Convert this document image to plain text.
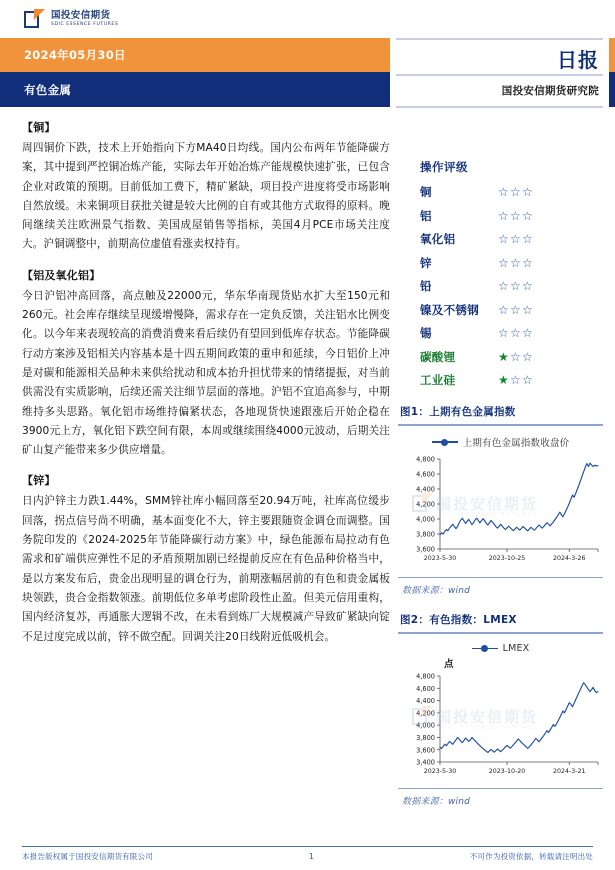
国投安信期货
SDIC ESSENCE FUTURES
2024年05月30日
有色金属
日报
国投安信期货研究院
【铜】
周四铜价下跌，技术上开始指向下方MA40日均线。国内公布两年节能降碳方案，其中提到严控铜冶炼产能，实际去年开始冶炼产能规模快速扩张，已包含企业对政策的预期。目前低加工费下，精矿紧缺，项目投产进度将受市场影响自然放缓。未来铜项目获批关键是较大比例的自有或其他方式取得的原料。晚间继续关注欧洲景气指数、美国成屋销售等指标，美国4月PCE市场关注度大。沪铜调整中，前期高位虚值看涨卖权持有。
【铝及氧化铝】
今日沪铝冲高回落，高点触及22000元，华东华南现货贴水扩大至150元和260元。社会库存继续呈现缓增慢降，需求存在一定负反馈，关注铝水比例变化。以今年来表现较高的消费消费来看后续仍有望回到低库存状态。节能降碳行动方案涉及铝相关内容基本是十四五期间政策的重申和延续，今日铝价上冲是对碳和能源相关品种未来供给扰动和成本抬升担忧带来的情绪提振，对当前供需没有实质影响，后续还需关注细节层面的落地。沪铝不宜追高参与，中期维持多头思路。氧化铝市场维持偏紧状态，各地现货快速跟涨后开始企稳在3900元上方，氧化铝下跌空间有限，本周或继续围绕4000元波动，后期关注矿山复产能带来多少供应增量。
【锌】
日内沪锌主力跌1.44%，SMM锌社库小幅回落至20.94万吨，社库高位缓步回落，拐点信号尚不明确，基本面变化不大，锌主要跟随资金调仓而调整。国务院印发的《2024-2025年节能降碳行动方案》中，绿色能源布局拉动有色需求和矿端供应弹性不足的矛盾预期加剧已经提前反应在有色品种价格当中，是以方案发布后，贵金出现明显的调仓行为，前期涨幅居前的有色和贵金属板块领跌，贵合金指数领涨。前期低位多单考虑阶段性止盈。但美元信用重构，国内经济复苏，再通胀大逻辑不改，在未看到炼厂大规模减产导致矿紧缺向锭不足过度完成以前，锌不做空配。回调关注20日线附近低吸机会。
操作评级
铜	☆☆☆
铝	☆☆☆
氧化铝	☆☆☆
锌	☆☆☆
铅	☆☆☆
镍及不锈钢	☆☆☆
锡	☆☆☆
碳酸锂	★☆☆
工业硅	★☆☆
图1：上期有色金属指数
上期有色金属指数收盘价
国投安信期货
SDIC ESSENCE FUTURES
3,600
3,800
4,000
4,200
4,400
4,600
4,800
2023-5-30	2023-10-25	2024-3-26
数据来源：wind
图2：有色指数：LMEX
LMEX
点
国投安信期货
SDIC ESSENCE FUTURES
3,400
3,600
3,800
4,000
4,200
4,400
4,600
4,800
2023-5-30	2023-10-20	2024-3-21
数据来源：wind
本报告版权属于国投安信期货有限公司	1	不可作为投资依据，转载请注明出处
